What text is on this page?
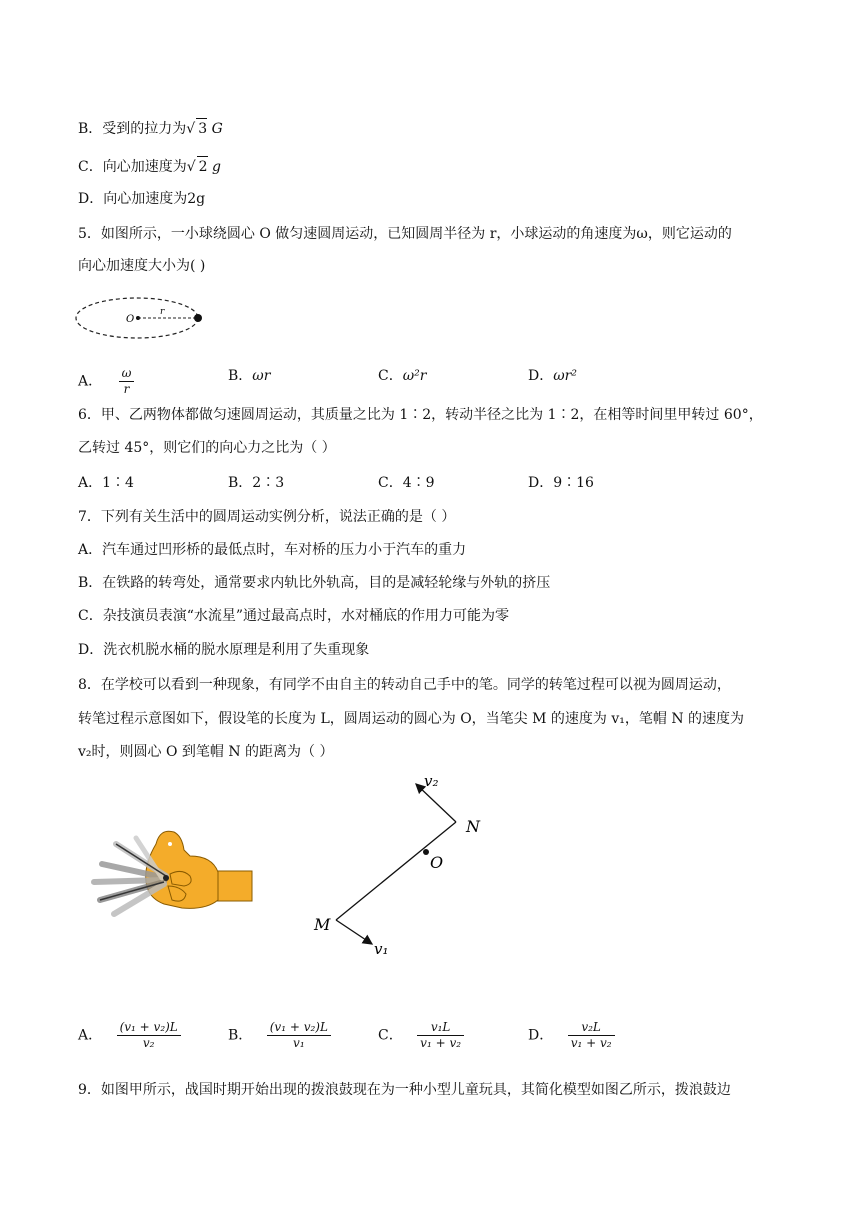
B．受到的拉力为√ 3 G
C．向心加速度为√ 2 g
D．向心加速度为2g
5．如图所示，一小球绕圆心 O 做匀速圆周运动，已知圆周半径为 r，小球运动的角速度为ω，则它运动的
向心加速度大小为( )
O
r
A． $\frac{\omega}{r}$	B．ωr	C．ω²r	D．ωr²
6．甲、乙两物体都做匀速圆周运动，其质量之比为 1∶2，转动半径之比为 1∶2，在相等时间里甲转过 60°，
乙转过 45°，则它们的向心力之比为（ ）
A．1∶4	B．2∶3	C．4∶9	D．9∶16
7．下列有关生活中的圆周运动实例分析，说法正确的是（ ）
A．汽车通过凹形桥的最低点时，车对桥的压力小于汽车的重力
B．在铁路的转弯处，通常要求内轨比外轨高，目的是减轻轮缘与外轨的挤压
C．杂技演员表演“水流星”通过最高点时，水对桶底的作用力可能为零
D．洗衣机脱水桶的脱水原理是利用了失重现象
8．在学校可以看到一种现象，有同学不由自主的转动自己手中的笔。同学的转笔过程可以视为圆周运动，
转笔过程示意图如下，假设笔的长度为 L，圆周运动的圆心为 O，当笔尖 M 的速度为 v₁，笔帽 N 的速度为
v₂时，则圆心 O 到笔帽 N 的距离为（ ）
v₂
N
O
M
v₁
A． $\frac{\text{(v₁ + v₂)L}}{\text{v₂}}$	B． $\frac{\text{(v₁ + v₂)L}}{\text{v₁}}$	C． $\frac{\text{v₁L}}{\text{v₁ + v₂}}$	D． $\frac{\text{v₂L}}{\text{v₁ + v₂}}$
9．如图甲所示，战国时期开始出现的拨浪鼓现在为一种小型儿童玩具，其简化模型如图乙所示，拨浪鼓边
